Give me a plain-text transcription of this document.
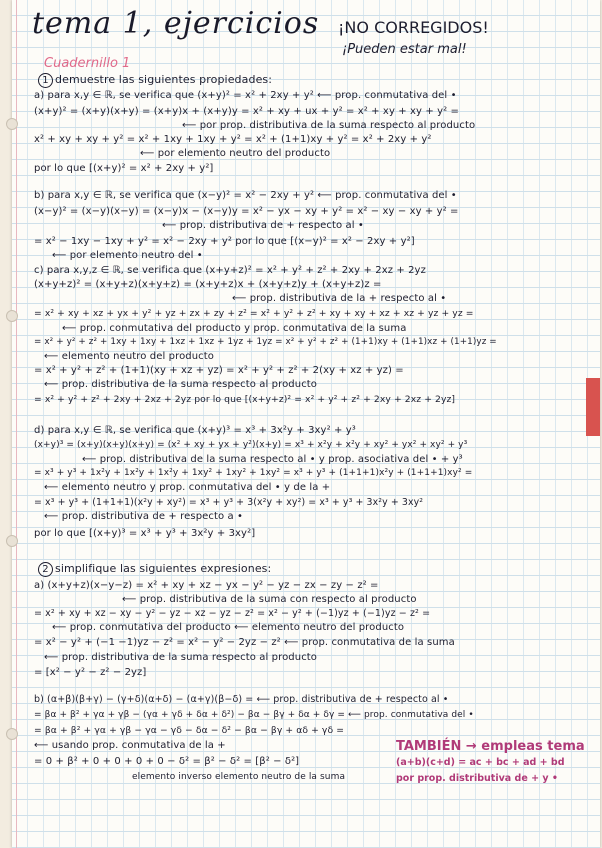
tema 1, ejercicios ¡NO CORREGIDOS!
¡Pueden estar mal!
Cuadernillo 1
1 demuestre las siguientes propiedades:
a) para x,y ∈ ℝ, se verifica que (x+y)² = x² + 2xy + y² ⟵ prop. conmutativa del •
(x+y)² = (x+y)(x+y) = (x+y)x + (x+y)y = x² + xy + ux + y² = x² + xy + xy + y² =
⟵ por prop. distributiva de la suma respecto al producto
x² + xy + xy + y² = x² + 1xy + 1xy + y² = x² + (1+1)xy + y² = x² + 2xy + y²
⟵ por elemento neutro del producto
por lo que [(x+y)² = x² + 2xy + y²]
b) para x,y ∈ ℝ, se verifica que (x−y)² = x² − 2xy + y² ⟵ prop. conmutativa del •
(x−y)² = (x−y)(x−y) = (x−y)x − (x−y)y = x² − yx − xy + y² = x² − xy − xy + y² =
⟵ prop. distributiva de + respecto al •
= x² − 1xy − 1xy + y² = x² − 2xy + y² por lo que [(x−y)² = x² − 2xy + y²]
⟵ por elemento neutro del •
c) para x,y,z ∈ ℝ, se verifica que (x+y+z)² = x² + y² + z² + 2xy + 2xz + 2yz
(x+y+z)² = (x+y+z)(x+y+z) = (x+y+z)x + (x+y+z)y + (x+y+z)z =
⟵ prop. distributiva de la + respecto al •
= x² + xy + xz + yx + y² + yz + zx + zy + z² = x² + y² + z² + xy + xy + xz + xz + yz + yz =
⟵ prop. conmutativa del producto y prop. conmutativa de la suma
= x² + y² + z² + 1xy + 1xy + 1xz + 1xz + 1yz + 1yz = x² + y² + z² + (1+1)xy + (1+1)xz + (1+1)yz =
⟵ elemento neutro del producto
= x² + y² + z² + (1+1)(xy + xz + yz) = x² + y² + z² + 2(xy + xz + yz) =
⟵ prop. distributiva de la suma respecto al producto
= x² + y² + z² + 2xy + 2xz + 2yz por lo que [(x+y+z)² = x² + y² + z² + 2xy + 2xz + 2yz]
d) para x,y ∈ ℝ, se verifica que (x+y)³ = x³ + 3x²y + 3xy² + y³
(x+y)³ = (x+y)(x+y)(x+y) = (x² + xy + yx + y²)(x+y) = x³ + x²y + x²y + xy² + yx² + xy² + y³
⟵ prop. distributiva de la suma respecto al • y prop. asociativa del • + y³
= x³ + y³ + 1x²y + 1x²y + 1x²y + 1xy² + 1xy² + 1xy² = x³ + y³ + (1+1+1)x²y + (1+1+1)xy² =
⟵ elemento neutro y prop. conmutativa del • y de la +
= x³ + y³ + (1+1+1)(x²y + xy²) = x³ + y³ + 3(x²y + xy²) = x³ + y³ + 3x²y + 3xy²
⟵ prop. distributiva de + respecto a •
por lo que [(x+y)³ = x³ + y³ + 3x²y + 3xy²]
2 simplifique las siguientes expresiones:
a) (x+y+z)(x−y−z) = x² + xy + xz − yx − y² − yz − zx − zy − z² =
⟵ prop. distributiva de la suma con respecto al producto
= x² + xy + xz − xy − y² − yz − xz − yz − z² = x² − y² + (−1)yz + (−1)yz − z² =
⟵ prop. conmutativa del producto ⟵ elemento neutro del producto
= x² − y² + (−1 −1)yz − z² = x² − y² − 2yz − z² ⟵ prop. conmutativa de la suma
⟵ prop. distributiva de la suma respecto al producto
= [x² − y² − z² − 2yz]
b) (α+β)(β+γ) − (γ+δ)(α+δ) − (α+γ)(β−δ) = ⟵ prop. distributiva de + respecto al •
= βα + β² + γα + γβ − (γα + γδ + δα + δ²) − βα − βγ + δα + δγ = ⟵ prop. conmutativa del •
= βα + β² + γα + γβ − γα − γδ − δα − δ² − βα − βγ + αδ + γδ =
⟵ usando prop. conmutativa de la +
= 0 + β² + 0 + 0 + 0 + 0 − δ² = β² − δ² = [β² − δ²]
elemento inverso elemento neutro de la suma
TAMBIÉN → empleas tema
(a+b)(c+d) = ac + bc + ad + bd
por prop. distributiva de + y •
